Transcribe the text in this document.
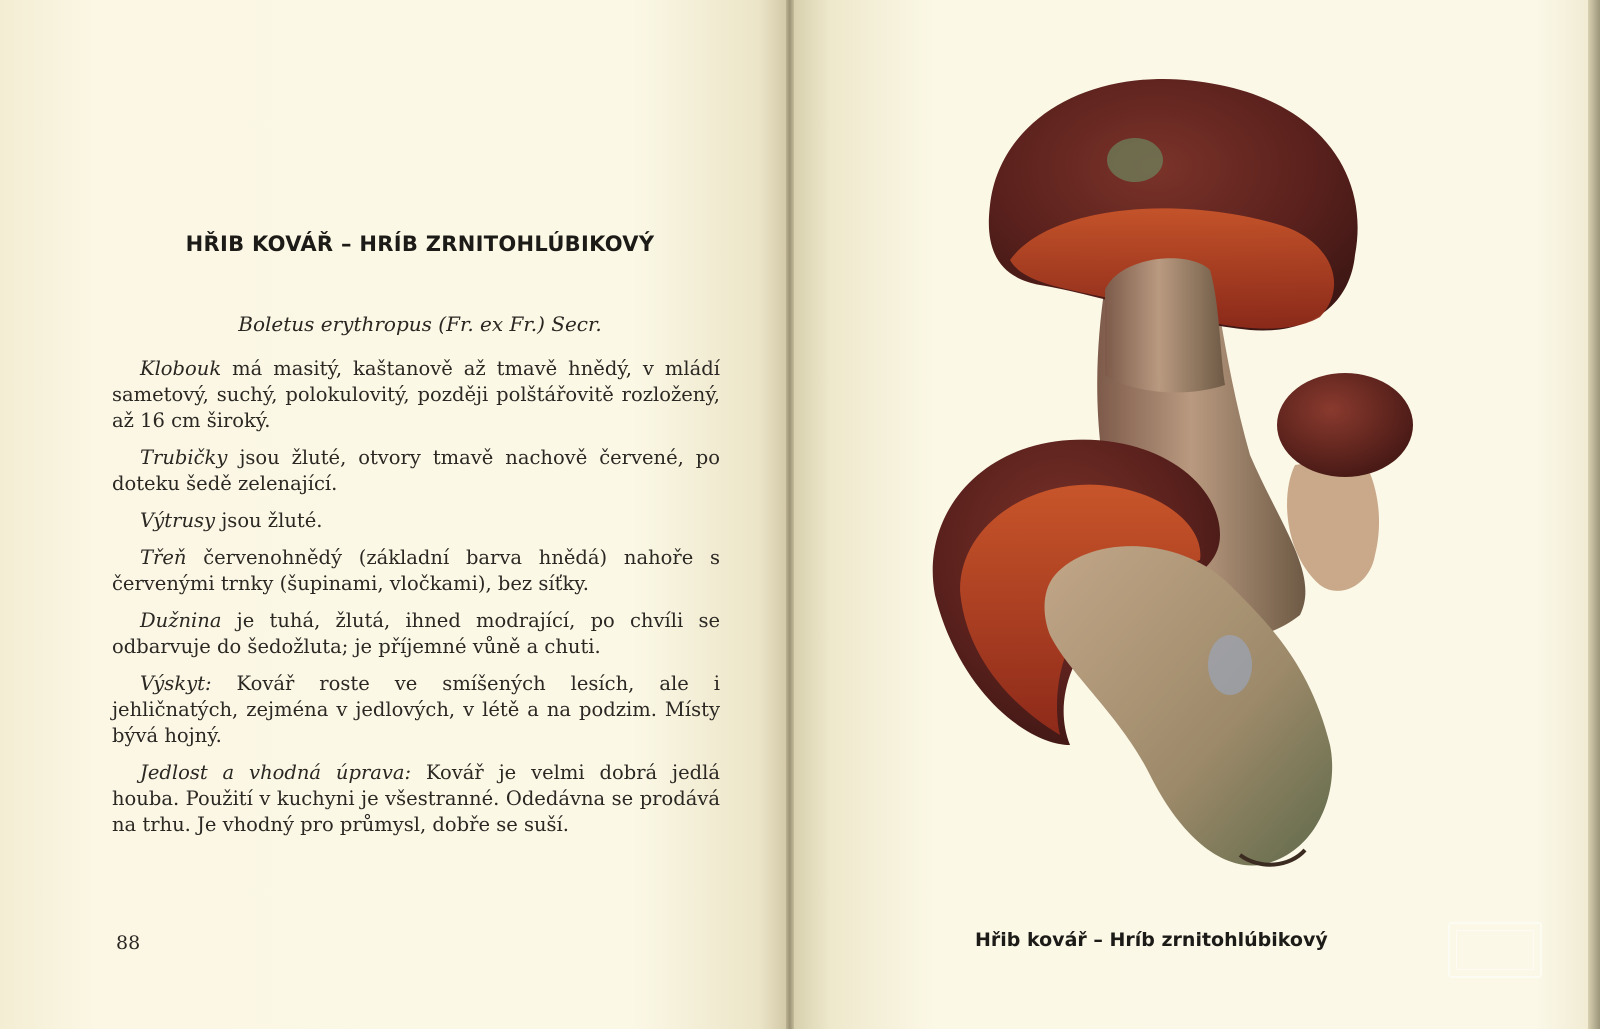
HŘIB KOVÁŘ – HRÍB ZRNITOHLÚBIKOVÝ
Boletus erythropus (Fr. ex Fr.) Secr.

Klobouk má masitý, kaštanově až tmavě hnědý, v mládí sametový, suchý, polokulovitý, později polštářovitě rozložený, až 16 cm široký.

Trubičky jsou žluté, otvory tmavě nachově červené, po doteku šedě zelenající.

Výtrusy jsou žluté.

Třeň červenohnědý (základní barva hnědá) nahoře s červenými trnky (šupinami, vločkami), bez síťky.

Dužnina je tuhá, žlutá, ihned modrající, po chvíli se odbarvuje do šedožluta; je příjemné vůně a chuti.

Výskyt: Kovář roste ve smíšených lesích, ale i jehličnatých, zejména v jedlových, v létě a na podzim. Místy bývá hojný.

Jedlost a vhodná úprava: Kovář je velmi dobrá jedlá houba. Použití v kuchyni je všestranné. Odedávna se prodává na trhu. Je vhodný pro průmysl, dobře se suší.

88	Hřib kovář – Hríb zrnitohlúbikový
